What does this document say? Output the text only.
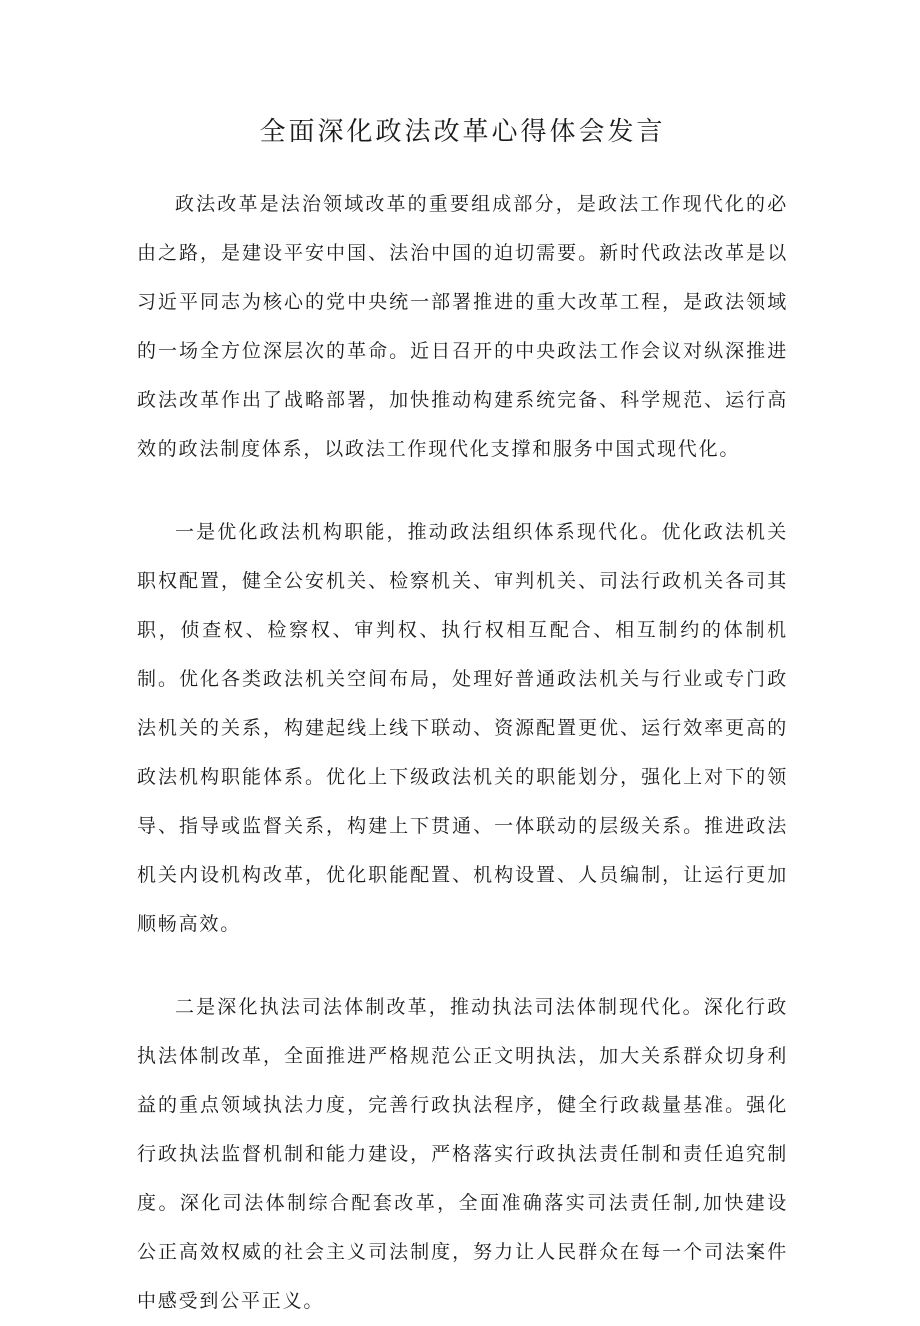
全面深化政法改革心得体会发言

政法改革是法治领域改革的重要组成部分，是政法工作现代化的必由之路，是建设平安中国、法治中国的迫切需要。新时代政法改革是以习近平同志为核心的党中央统一部署推进的重大改革工程，是政法领域的一场全方位深层次的革命。近日召开的中央政法工作会议对纵深推进政法改革作出了战略部署，加快推动构建系统完备、科学规范、运行高效的政法制度体系，以政法工作现代化支撑和服务中国式现代化。

一是优化政法机构职能，推动政法组织体系现代化。优化政法机关职权配置，健全公安机关、检察机关、审判机关、司法行政机关各司其职，侦查权、检察权、审判权、执行权相互配合、相互制约的体制机制。优化各类政法机关空间布局，处理好普通政法机关与行业或专门政法机关的关系，构建起线上线下联动、资源配置更优、运行效率更高的政法机构职能体系。优化上下级政法机关的职能划分，强化上对下的领导、指导或监督关系，构建上下贯通、一体联动的层级关系。推进政法机关内设机构改革，优化职能配置、机构设置、人员编制，让运行更加顺畅高效。

二是深化执法司法体制改革，推动执法司法体制现代化。深化行政执法体制改革，全面推进严格规范公正文明执法，加大关系群众切身利益的重点领域执法力度，完善行政执法程序，健全行政裁量基准。强化行政执法监督机制和能力建设，严格落实行政执法责任制和责任追究制度。深化司法体制综合配套改革，全面准确落实司法责任制,加快建设公正高效权威的社会主义司法制度，努力让人民群众在每一个司法案件中感受到公平正义。
